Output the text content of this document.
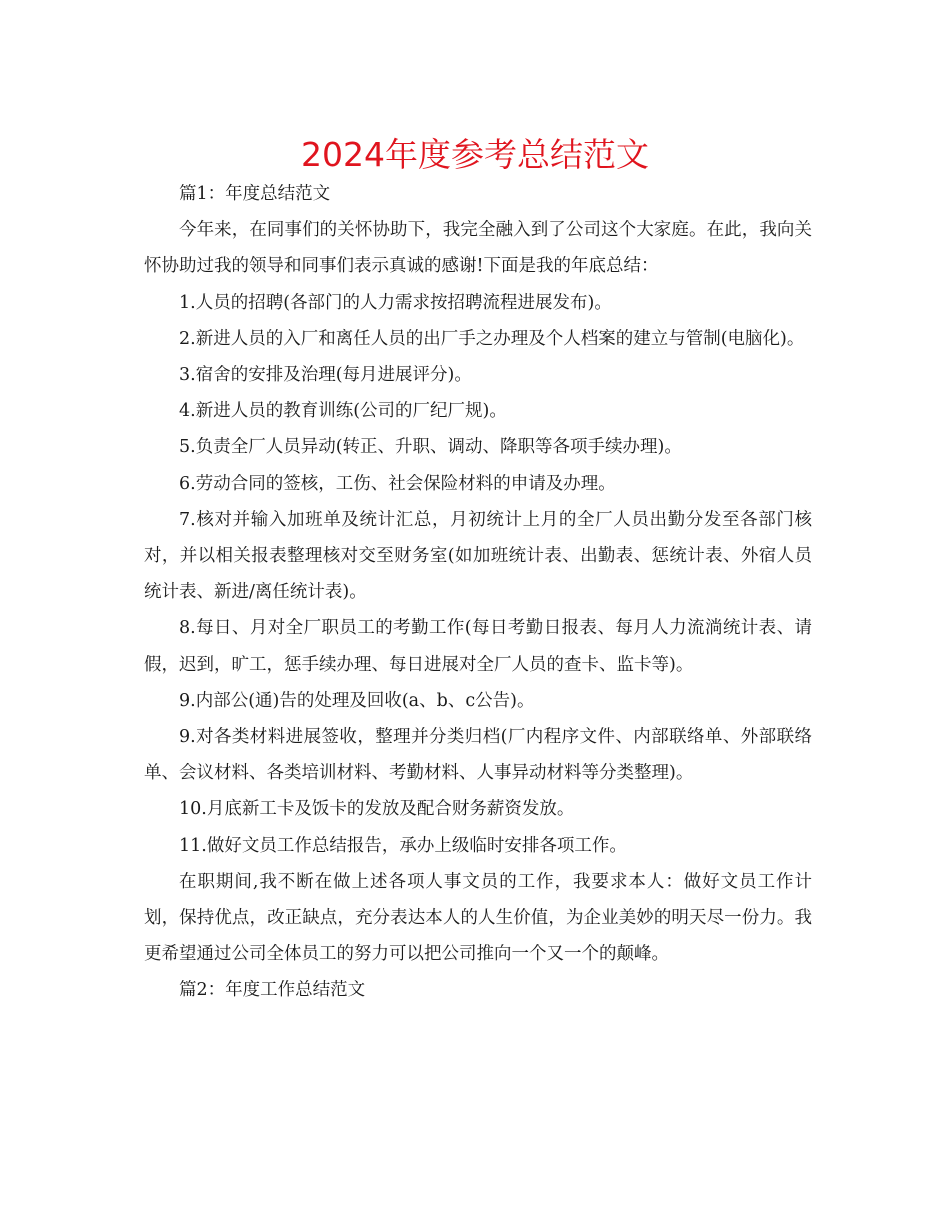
2024年度参考总结范文

篇1：年度总结范文

今年来，在同事们的关怀协助下，我完全融入到了公司这个大家庭。在此，我向关怀协助过我的领导和同事们表示真诚的感谢!下面是我的年底总结：

1.人员的招聘(各部门的人力需求按招聘流程进展发布)。

2.新进人员的入厂和离任人员的出厂手之办理及个人档案的建立与管制(电脑化)。

3.宿舍的安排及治理(每月进展评分)。

4.新进人员的教育训练(公司的厂纪厂规)。

5.负责全厂人员异动(转正、升职、调动、降职等各项手续办理)。

6.劳动合同的签核，工伤、社会保险材料的申请及办理。

7.核对并输入加班单及统计汇总，月初统计上月的全厂人员出勤分发至各部门核对，并以相关报表整理核对交至财务室(如加班统计表、出勤表、惩统计表、外宿人员统计表、新进/离任统计表)。

8.每日、月对全厂职员工的考勤工作(每日考勤日报表、每月人力流淌统计表、请假，迟到，旷工，惩手续办理、每日进展对全厂人员的查卡、监卡等)。

9.内部公(通)告的处理及回收(a、b、c公告)。

9.对各类材料进展签收，整理并分类归档(厂内程序文件、内部联络单、外部联络单、会议材料、各类培训材料、考勤材料、人事异动材料等分类整理)。

10.月底新工卡及饭卡的发放及配合财务薪资发放。

11.做好文员工作总结报告，承办上级临时安排各项工作。

在职期间,我不断在做上述各项人事文员的工作，我要求本人：做好文员工作计划，保持优点，改正缺点，充分表达本人的人生价值，为企业美妙的明天尽一份力。我更希望通过公司全体员工的努力可以把公司推向一个又一个的颠峰。

篇2：年度工作总结范文
